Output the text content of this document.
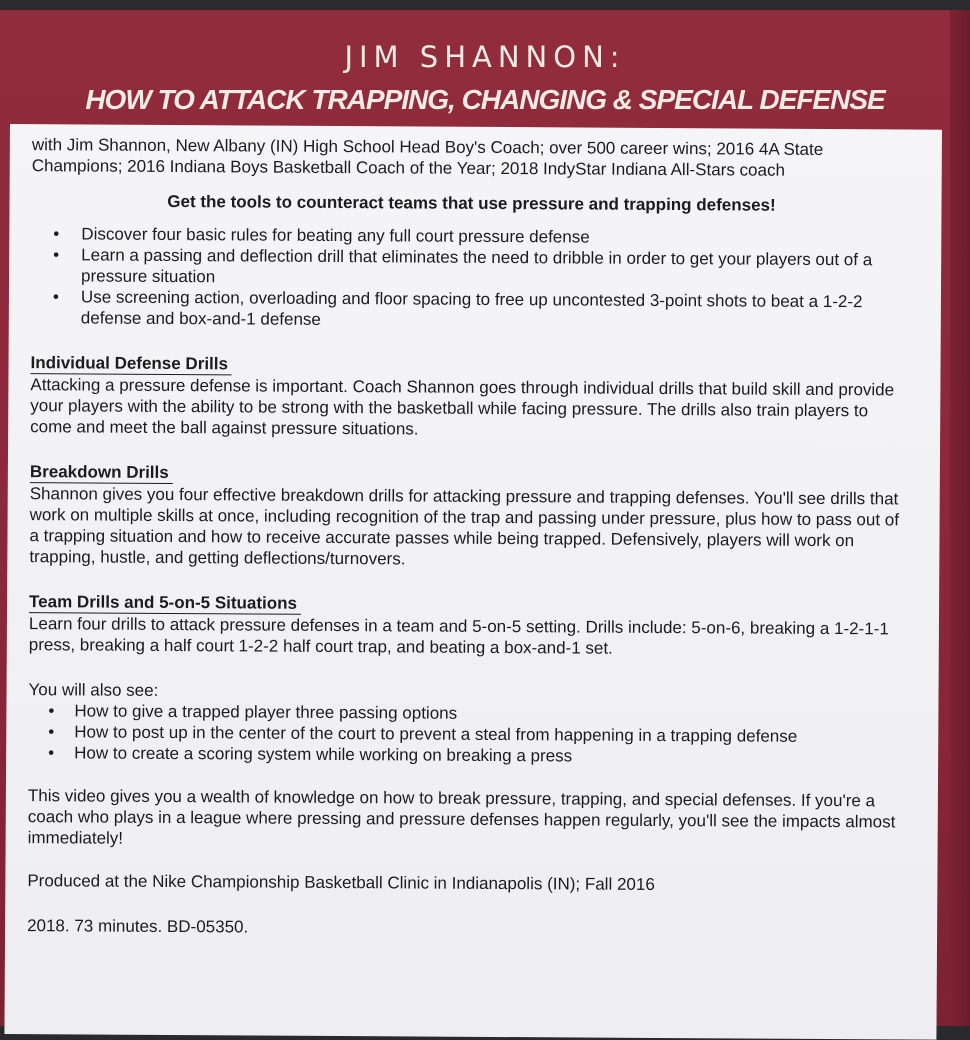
JIM SHANNON:
HOW TO ATTACK TRAPPING, CHANGING & SPECIAL DEFENSE

with Jim Shannon, New Albany (IN) High School Head Boy's Coach; over 500 career wins; 2016 4A State Champions; 2016 Indiana Boys Basketball Coach of the Year; 2018 IndyStar Indiana All-Stars coach

Get the tools to counteract teams that use pressure and trapping defenses!

• Discover four basic rules for beating any full court pressure defense
• Learn a passing and deflection drill that eliminates the need to dribble in order to get your players out of a pressure situation
• Use screening action, overloading and floor spacing to free up uncontested 3-point shots to beat a 1-2-2 defense and box-and-1 defense
Individual Defense Drills

Attacking a pressure defense is important. Coach Shannon goes through individual drills that build skill and provide your players with the ability to be strong with the basketball while facing pressure. The drills also train players to come and meet the ball against pressure situations.

Breakdown Drills

Shannon gives you four effective breakdown drills for attacking pressure and trapping defenses. You'll see drills that work on multiple skills at once, including recognition of the trap and passing under pressure, plus how to pass out of a trapping situation and how to receive accurate passes while being trapped. Defensively, players will work on trapping, hustle, and getting deflections/turnovers.

Team Drills and 5-on-5 Situations

Learn four drills to attack pressure defenses in a team and 5-on-5 setting. Drills include: 5-on-6, breaking a 1-2-1-1 press, breaking a half court 1-2-2 half court trap, and beating a box-and-1 set.

You will also see:

• How to give a trapped player three passing options
• How to post up in the center of the court to prevent a steal from happening in a trapping defense
• How to create a scoring system while working on breaking a press

This video gives you a wealth of knowledge on how to break pressure, trapping, and special defenses. If you're a coach who plays in a league where pressing and pressure defenses happen regularly, you'll see the impacts almost immediately!

Produced at the Nike Championship Basketball Clinic in Indianapolis (IN); Fall 2016

2018. 73 minutes. BD-05350.
